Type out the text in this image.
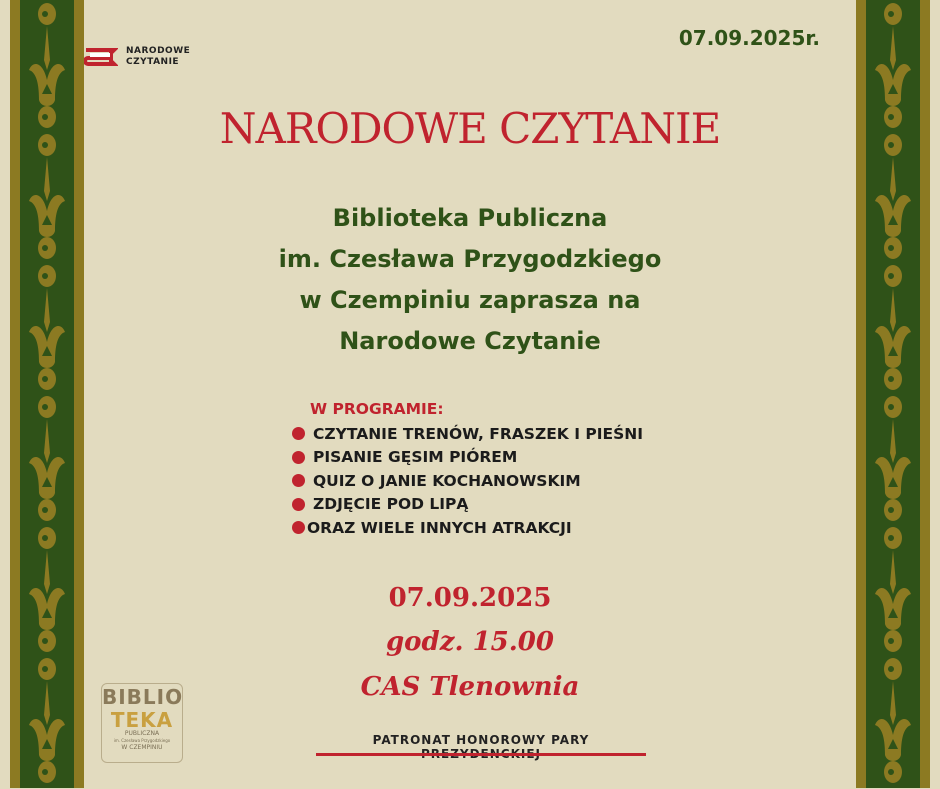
NARODOWE
CZYTANIE
07.09.2025r.
NARODOWE CZYTANIE
Biblioteka Publiczna
im. Czesława Przygodzkiego
w Czempiniu zaprasza na
Narodowe Czytanie
W PROGRAMIE:
CZYTANIE TRENÓW, FRASZEK I PIEŚNI
PISANIE GĘSIM PIÓREM
QUIZ O JANIE KOCHANOWSKIM
ZDJĘCIE POD LIPĄ
ORAZ WIELE INNYCH ATRAKCJI
07.09.2025
godz. 15.00
CAS Tlenownia
PATRONAT HONOROWY PARY
BIBLIO
TEKA
PUBLICZNA
im. Czesława Przygodzkiego
W CZEMPINIU
